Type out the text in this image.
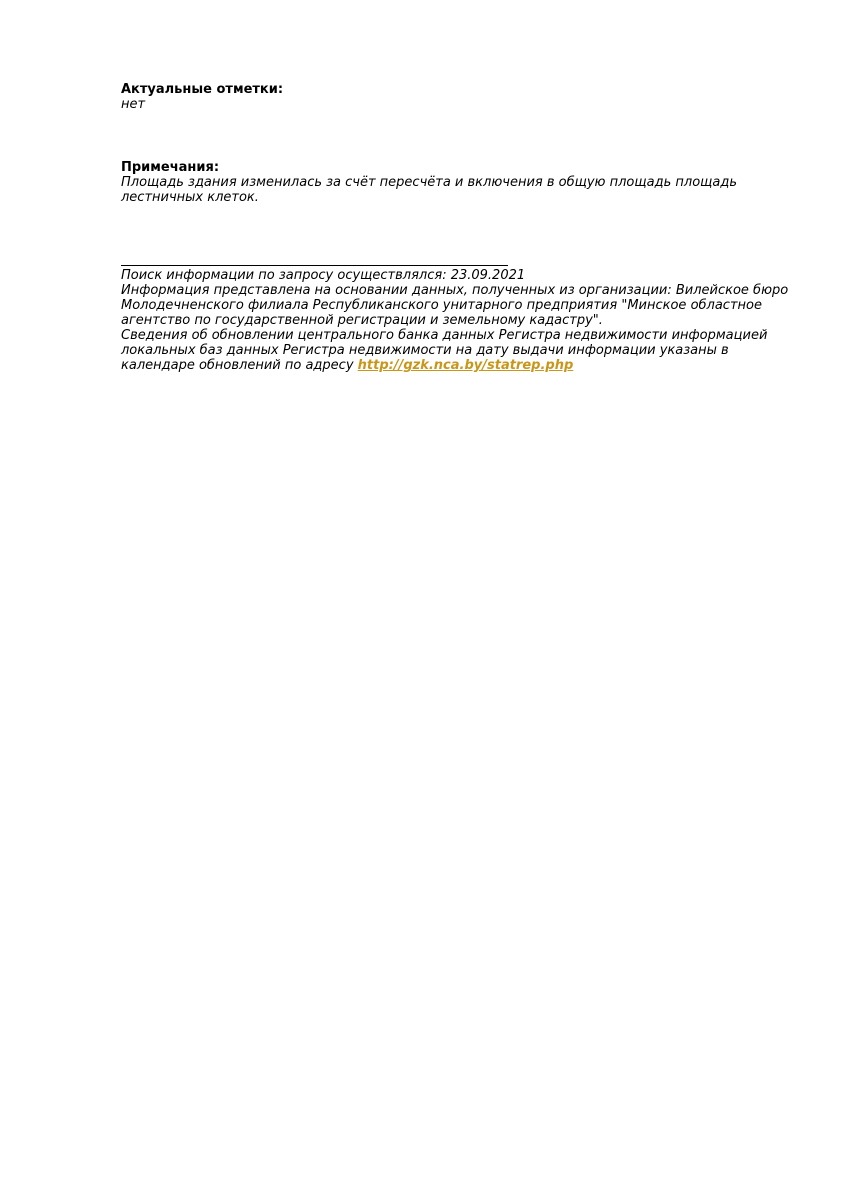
Актуальные отметки:

нет

Примечания:

Площадь здания изменилась за счёт пересчёта и включения в общую площадь площадь лестничных клеток.

Поиск информации по запросу осуществлялся: 23.09.2021

Информация представлена на основании данных, полученных из организации: Вилейское бюро Молодечненского филиала Республиканского унитарного предприятия "Минское областное агентство по государственной регистрации и земельному кадастру".

Сведения об обновлении центрального банка данных Регистра недвижимости информацией локальных баз данных Регистра недвижимости на дату выдачи информации указаны в календаре обновлений по адресу http://gzk.nca.by/statrep.php
